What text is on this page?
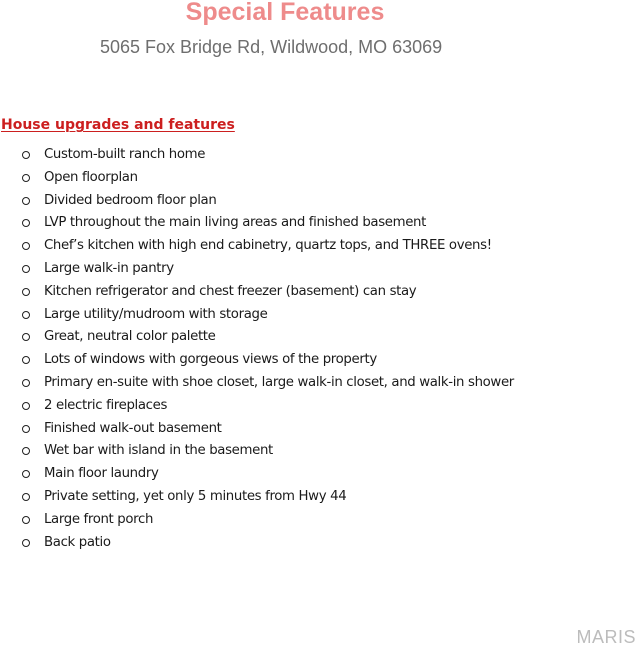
Special Features
5065 Fox Bridge Rd, Wildwood, MO 63069
House upgrades and features
Custom-built ranch home
Open floorplan
Divided bedroom floor plan
LVP throughout the main living areas and finished basement
Chef’s kitchen with high end cabinetry, quartz tops, and THREE ovens!
Large walk-in pantry
Kitchen refrigerator and chest freezer (basement) can stay
Large utility/mudroom with storage
Great, neutral color palette
Lots of windows with gorgeous views of the property
Primary en-suite with shoe closet, large walk-in closet, and walk-in shower
2 electric fireplaces
Finished walk-out basement
Wet bar with island in the basement
Main floor laundry
Private setting, yet only 5 minutes from Hwy 44
Large front porch
Back patio
MARIS
